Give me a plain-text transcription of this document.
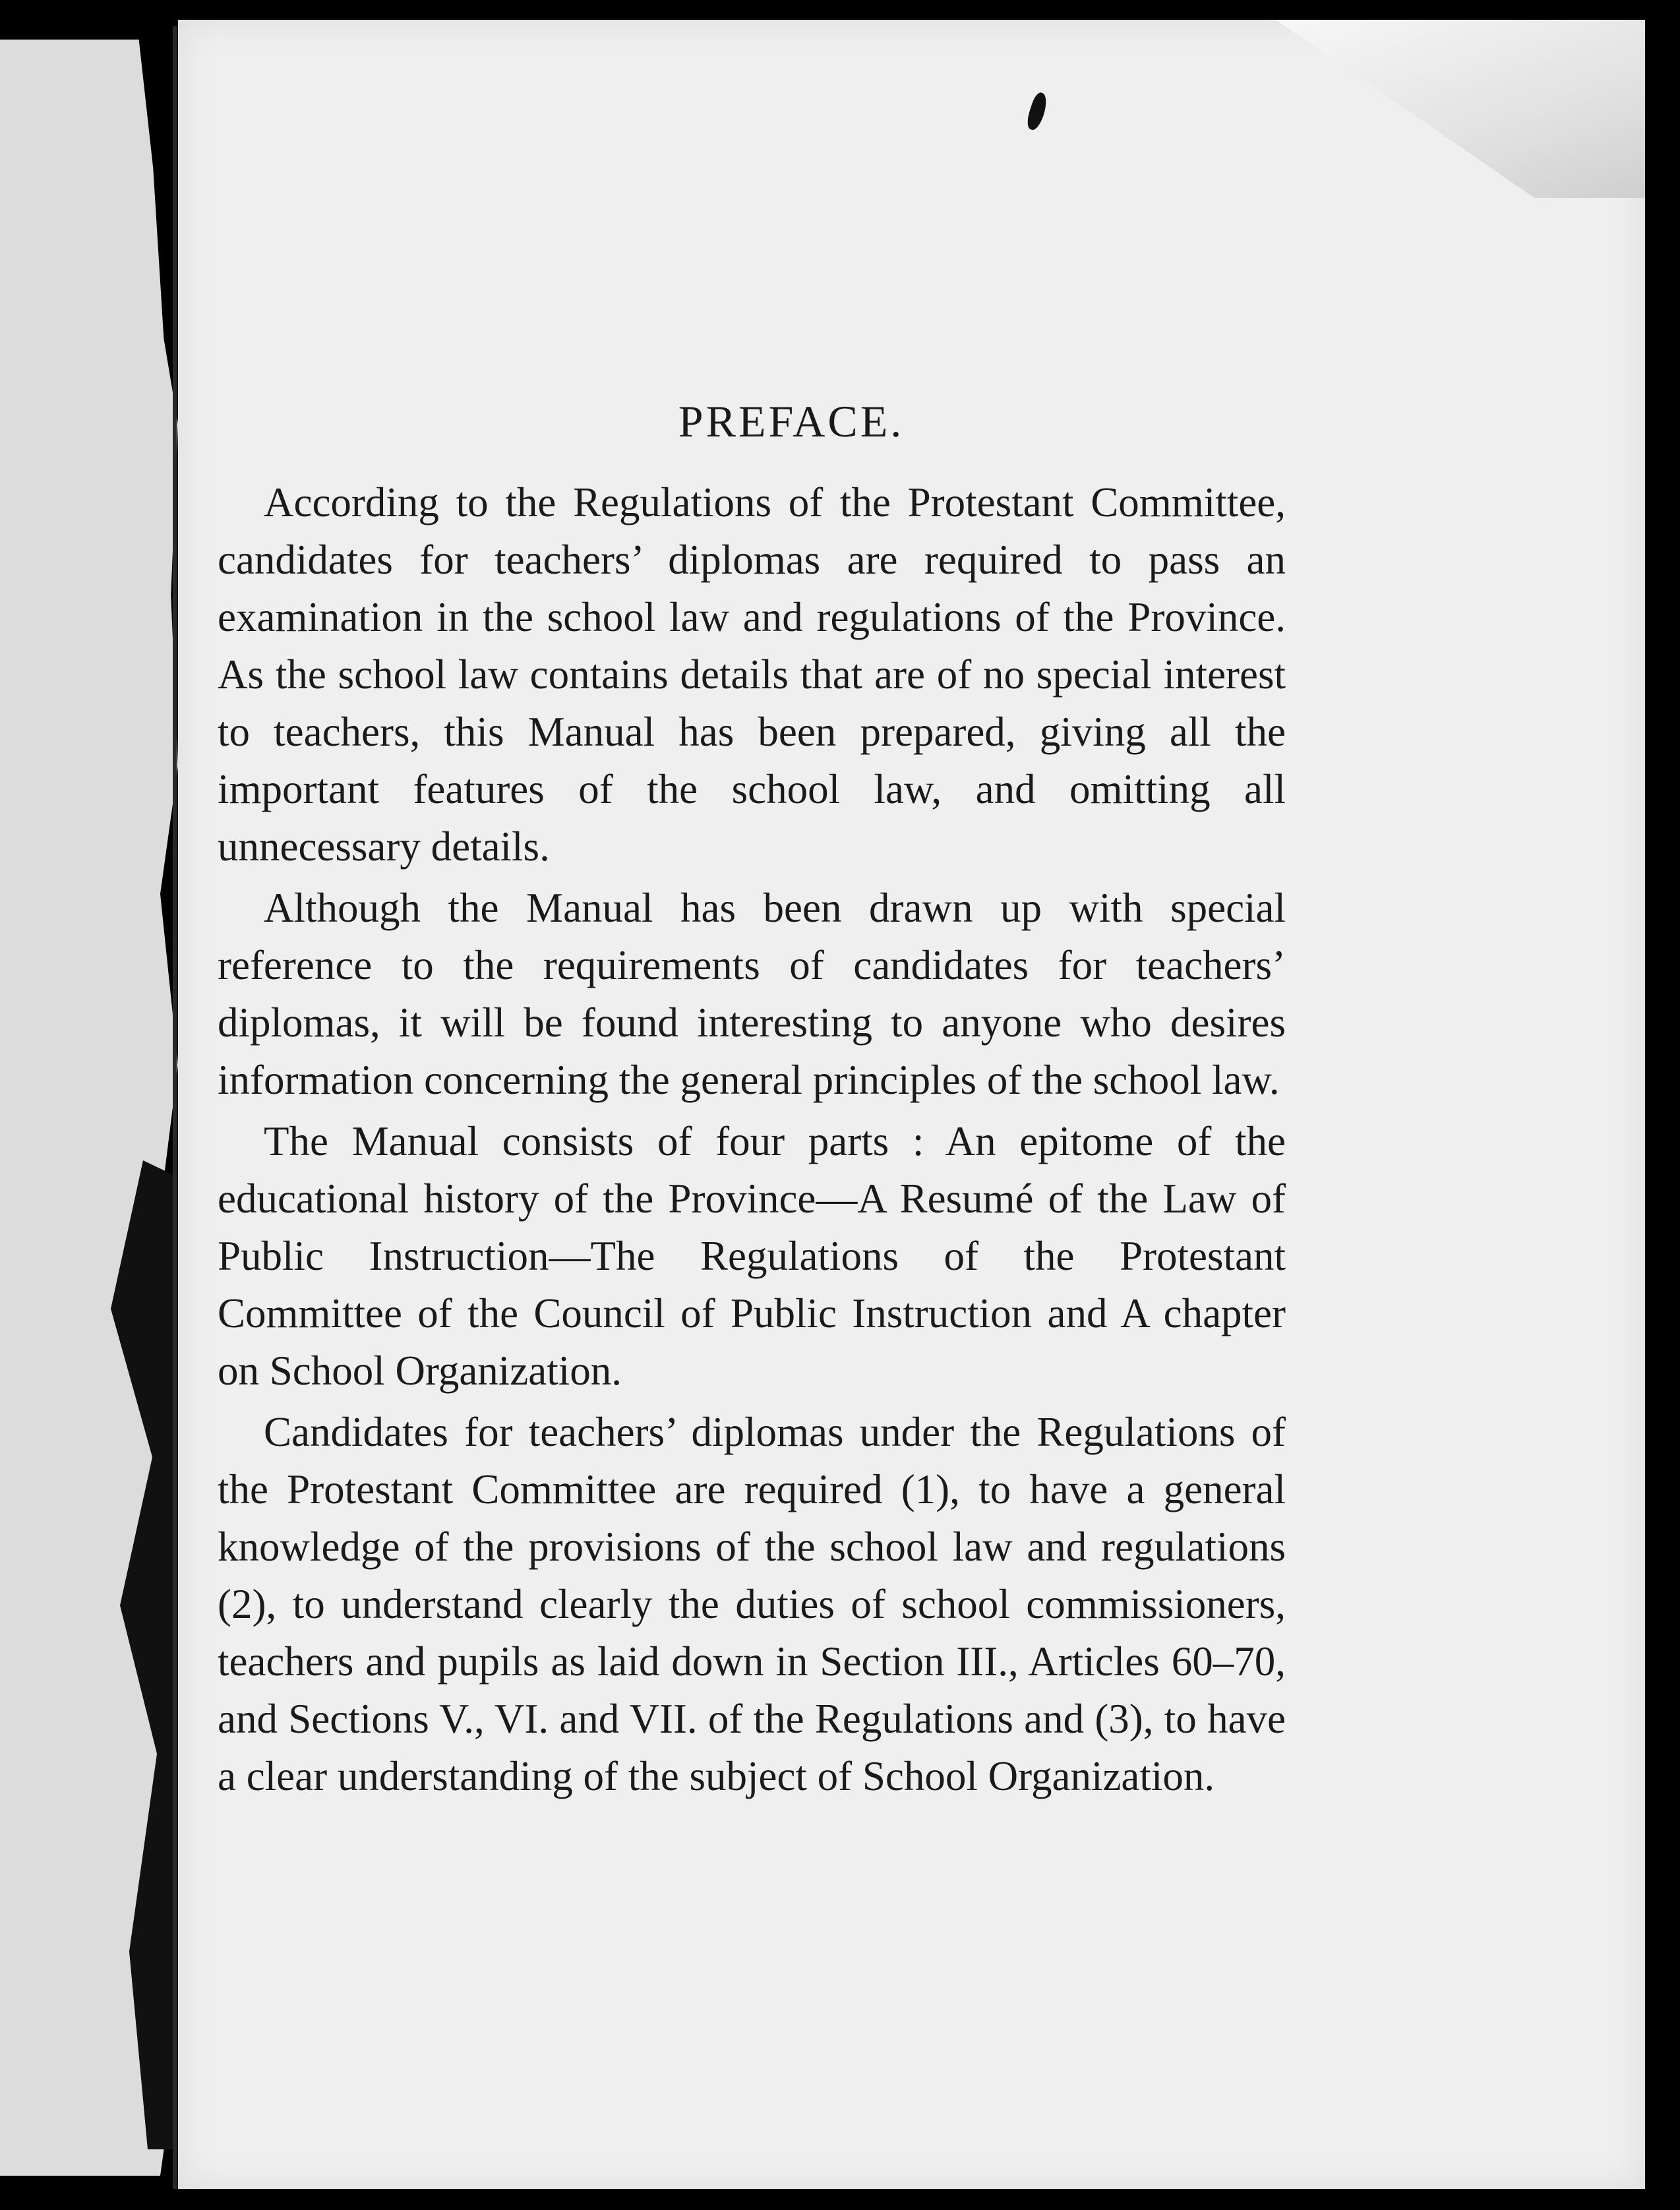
PREFACE.

According to the Regulations of the Protestant Committee, candidates for teachers’ diplomas are required to pass an examination in the school law and regulations of the Province. As the school law contains details that are of no special interest to teachers, this Manual has been prepared, giving all the important features of the school law, and omitting all unnecessary details.

Although the Manual has been drawn up with special reference to the requirements of candidates for teachers’ diplomas, it will be found interesting to anyone who desires information concerning the general principles of the school law.

The Manual consists of four parts : An epitome of the educational history of the Province—A Resumé of the Law of Public Instruction—The Regulations of the Protestant Committee of the Council of Public Instruction and A chapter on School Organization.

Candidates for teachers’ diplomas under the Regulations of the Protestant Committee are required (1), to have a general knowledge of the provisions of the school law and regulations (2), to understand clearly the duties of school commissioners, teachers and pupils as laid down in Section III., Articles 60–70, and Sections V., VI. and VII. of the Regulations and (3), to have a clear understanding of the subject of School Organization.
